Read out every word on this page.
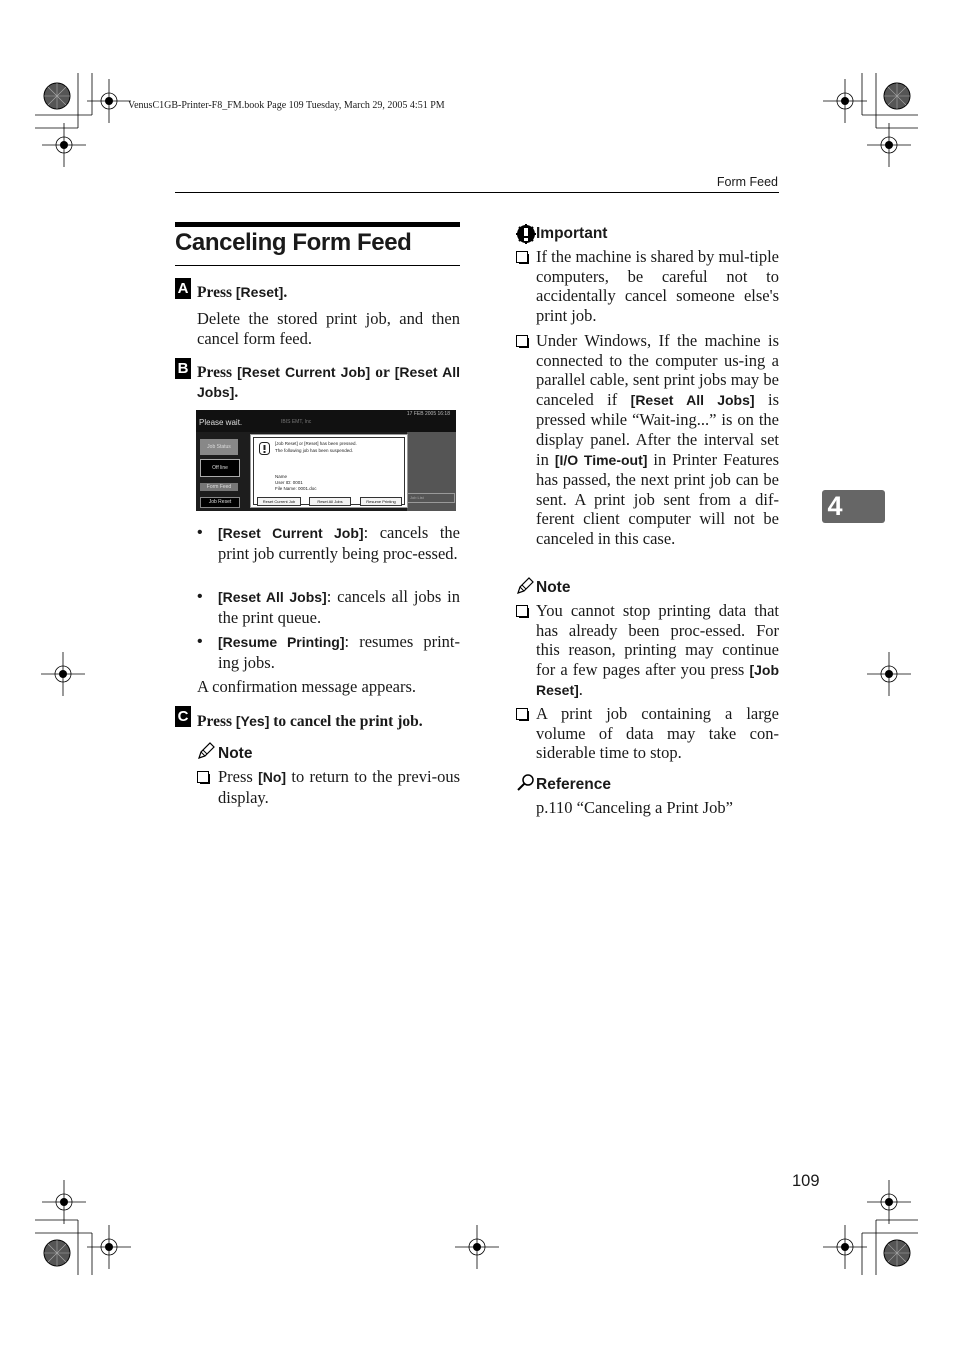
VenusC1GB-Printer-F8_FM.book Page 109 Tuesday, March 29, 2005 4:51 PM
Form Feed
Canceling Form Feed
A Press [Reset].
Delete the stored print job, and then cancel form feed.
B Press [Reset Current Job] or [Reset All Jobs].
Please wait.	IBIS EMT, Inc
17 FEB 2005 16:18
Job Status
Off line
Form Feed
Job Reset
Job List
[Job Reset] or [Reset] has been pressed.
The following job has been suspended.
Name
User ID: 0001
File Name: 0001.doc
Reset Current Job	Reset All Jobs	Resume Printing
• [Reset Current Job]: cancels the print job currently being proc-essed.
• [Reset All Jobs]: cancels all jobs in the print queue.
• [Resume Printing]: resumes print-ing jobs.
A confirmation message appears.
C Press [Yes] to cancel the print job.
Note
Press [No] to return to the previ-ous display.
Important
If the machine is shared by mul-tiple computers, be careful not to accidentally cancel someone else's print job.
Under Windows, If the machine is connected to the computer us-ing a parallel cable, sent print jobs may be canceled if [Reset All Jobs] is pressed while “Wait-ing...” is on the display panel. After the interval set in [I/O Time-out] in Printer Features has passed, the next print job can be sent. A print job sent from a dif-ferent client computer will not be canceled in this case.
Note
You cannot stop printing data that has already been proc-essed. For this reason, printing may continue for a few pages after you press [Job Reset].
A print job containing a large volume of data may take con-siderable time to stop.
Reference
p.110 “Canceling a Print Job”
4
109
